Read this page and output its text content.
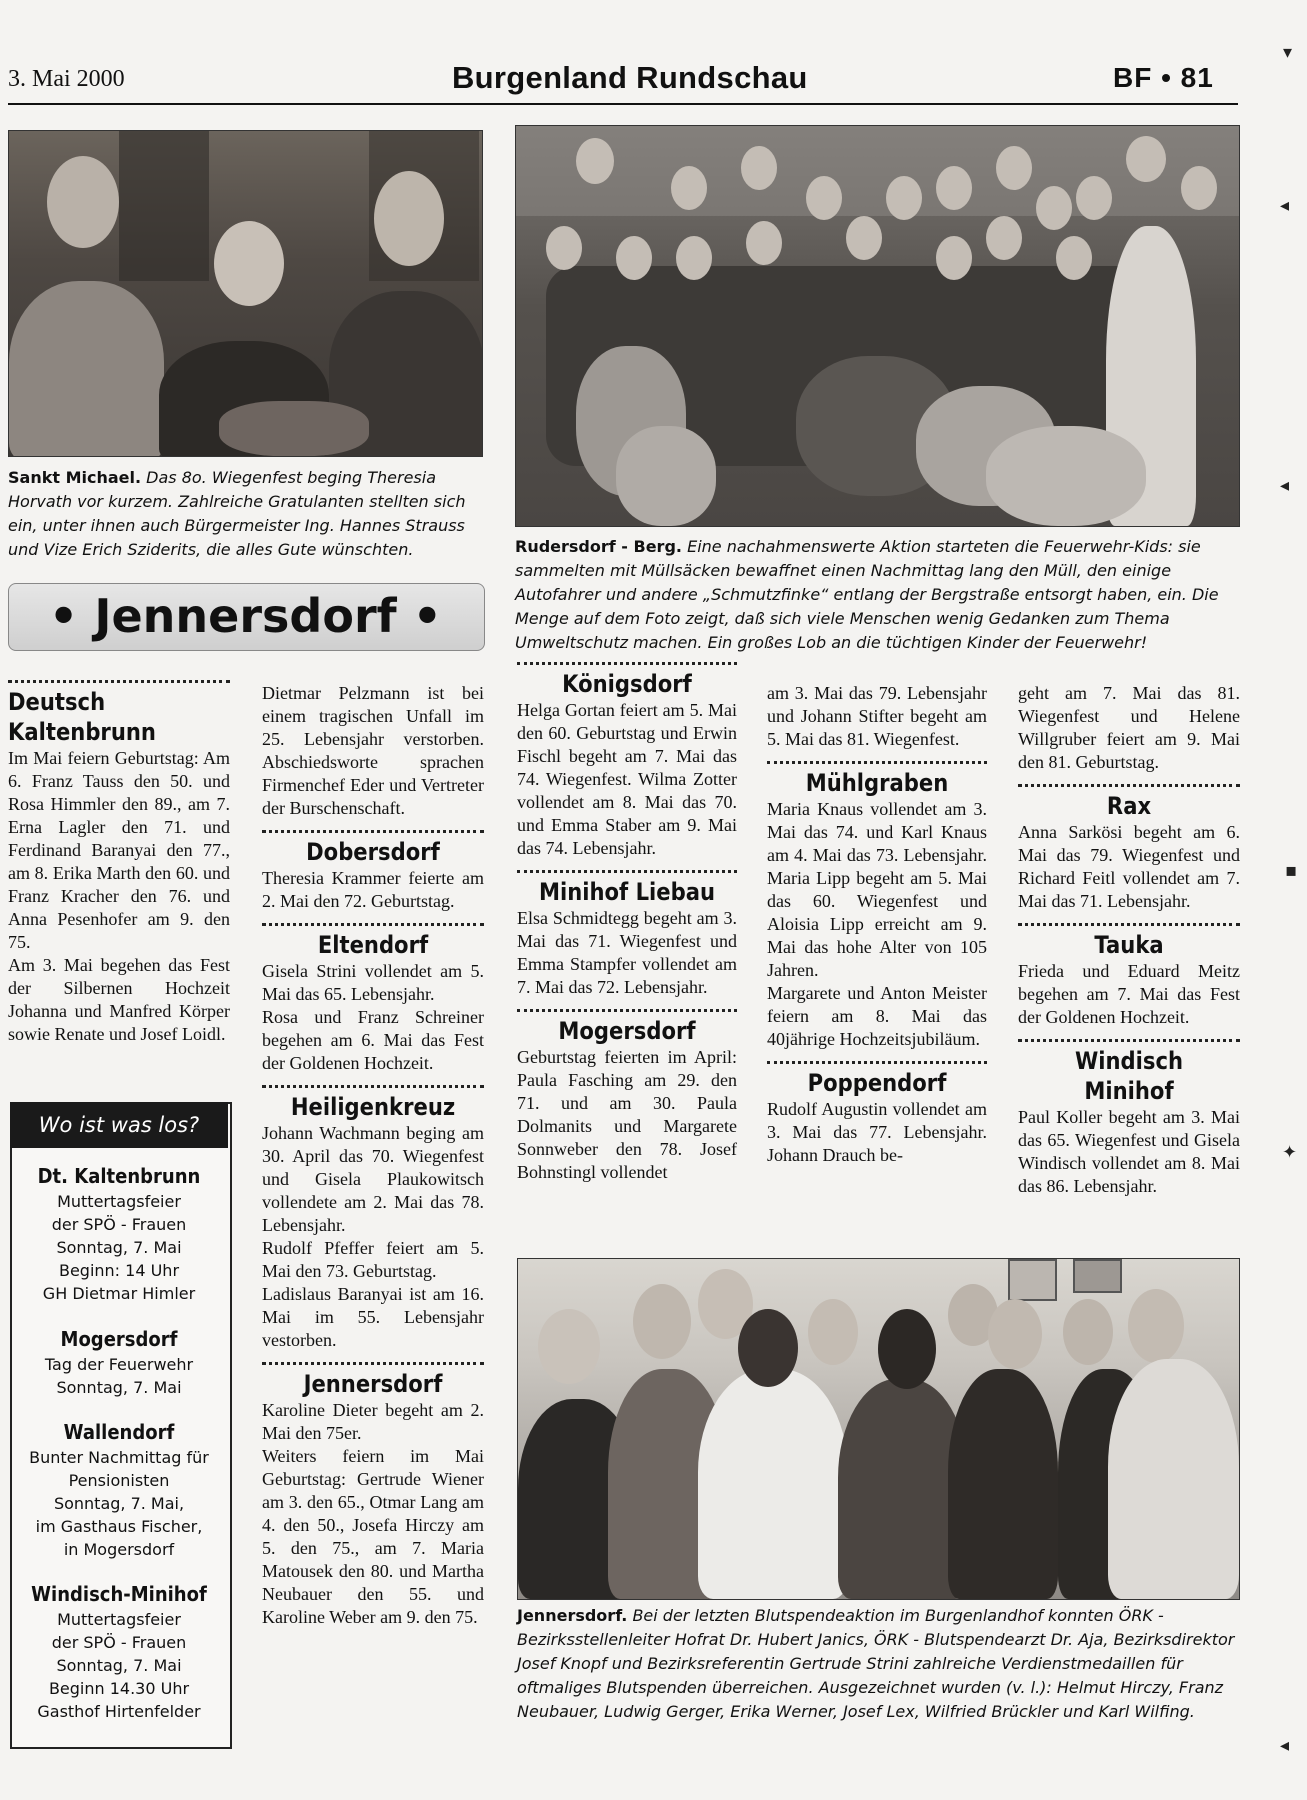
3. Mai 2000	Burgenland Rundschau	BF • 81
▾
◂
◂
▪
✦
◂
Sankt Michael. Das 8o. Wiegenfest beging Theresia Horvath vor kurzem. Zahlreiche Gratulanten stellten sich ein, unter ihnen auch Bürgermeister Ing. Hannes Strauss und Vize Erich Sziderits, die alles Gute wünschten.	Rudersdorf - Berg. Eine nachahmenswerte Aktion starteten die Feuerwehr-Kids: sie sammelten mit Müllsäcken bewaffnet einen Nachmittag lang den Müll, den einige Autofahrer und andere „Schmutzfinke“ entlang der Bergstraße entsorgt haben, ein. Die Menge auf dem Foto zeigt, daß sich viele Menschen wenig Gedanken zum Thema Umweltschutz machen. Ein großes Lob an die tüchtigen Kinder der Feuerwehr!
• Jennersdorf •
Deutsch Kaltenbrunn

Im Mai feiern Geburtstag: Am 6. Franz Tauss den 50. und Rosa Himmler den 89., am 7. Erna Lagler den 71. und Ferdinand Baranyai den 77., am 8. Erika Marth den 60. und Franz Kracher den 76. und Anna Pesenhofer am 9. den 75.

Am 3. Mai begehen das Fest der Silbernen Hochzeit Johanna und Manfred Körper sowie Renate und Josef Loidl.

Wo ist was los?
Dt. Kaltenbrunn
Muttertagsfeier
der SPÖ - Frauen
Sonntag, 7. Mai
Beginn: 14 Uhr
GH Dietmar Himler
Mogersdorf
Tag der Feuerwehr
Sonntag, 7. Mai
Wallendorf
Bunter Nachmittag für
Pensionisten
Sonntag, 7. Mai,
im Gasthaus Fischer,
in Mogersdorf
Windisch-Minihof
Muttertagsfeier
der SPÖ - Frauen
Sonntag, 7. Mai
Beginn 14.30 Uhr
Gasthof Hirtenfelder

Dietmar Pelzmann ist bei einem tragischen Unfall im 25. Lebensjahr verstorben. Abschiedsworte sprachen Firmenchef Eder und Vertreter der Burschenschaft.

Dobersdorf

Theresia Krammer feierte am 2. Mai den 72. Geburtstag.

Eltendorf

Gisela Strini vollendet am 5. Mai das 65. Lebensjahr.

Rosa und Franz Schreiner begehen am 6. Mai das Fest der Goldenen Hochzeit.

Heiligenkreuz

Johann Wachmann beging am 30. April das 70. Wiegenfest und Gisela Plaukowitsch vollendete am 2. Mai das 78. Lebensjahr.

Rudolf Pfeffer feiert am 5. Mai den 73. Geburtstag.

Ladislaus Baranyai ist am 16. Mai im 55. Lebensjahr vestorben.

Jennersdorf

Karoline Dieter begeht am 2. Mai den 75er.

Weiters feiern im Mai Geburtstag: Gertrude Wiener am 3. den 65., Otmar Lang am 4. den 50., Josefa Hirczy am 5. den 75., am 7. Maria Matousek den 80. und Martha Neubauer den 55. und Karoline Weber am 9. den 75.

Königsdorf

Helga Gortan feiert am 5. Mai den 60. Geburtstag und Erwin Fischl begeht am 7. Mai das 74. Wiegenfest. Wilma Zotter vollendet am 8. Mai das 70. und Emma Staber am 9. Mai das 74. Lebensjahr.

Minihof Liebau

Elsa Schmidtegg begeht am 3. Mai das 71. Wiegenfest und Emma Stampfer vollendet am 7. Mai das 72. Lebensjahr.

Mogersdorf

Geburtstag feierten im April: Paula Fasching am 29. den 71. und am 30. Paula Dolmanits und Margarete Sonnweber den 78. Josef Bohnstingl vollendet

am 3. Mai das 79. Lebensjahr und Johann Stifter begeht am 5. Mai das 81. Wiegenfest.

Mühlgraben

Maria Knaus vollendet am 3. Mai das 74. und Karl Knaus am 4. Mai das 73. Lebensjahr. Maria Lipp begeht am 5. Mai das 60. Wiegenfest und Aloisia Lipp erreicht am 9. Mai das hohe Alter von 105 Jahren.

Margarete und Anton Meister feiern am 8. Mai das 40jährige Hochzeitsjubiläum.

Poppendorf

Rudolf Augustin vollendet am 3. Mai das 77. Lebensjahr. Johann Drauch be-

geht am 7. Mai das 81. Wiegenfest und Helene Willgruber feiert am 9. Mai den 81. Geburtstag.

Rax

Anna Sarkösi begeht am 6. Mai das 79. Wiegenfest und Richard Feitl vollendet am 7. Mai das 71. Lebensjahr.

Tauka

Frieda und Eduard Meitz begehen am 7. Mai das Fest der Goldenen Hochzeit.

Windisch Minihof

Paul Koller begeht am 3. Mai das 65. Wiegenfest und Gisela Windisch vollendet am 8. Mai das 86. Lebensjahr.

Jennersdorf. Bei der letzten Blutspendeaktion im Burgenlandhof konnten ÖRK - Bezirksstellenleiter Hofrat Dr. Hubert Janics, ÖRK - Blutspendearzt Dr. Aja, Bezirksdirektor Josef Knopf und Bezirksreferentin Gertrude Strini zahlreiche Verdienstmedaillen für oftmaliges Blutspenden überreichen. Ausgezeichnet wurden (v. l.): Helmut Hirczy, Franz Neubauer, Ludwig Gerger, Erika Werner, Josef Lex, Wilfried Brückler und Karl Wilfing.
